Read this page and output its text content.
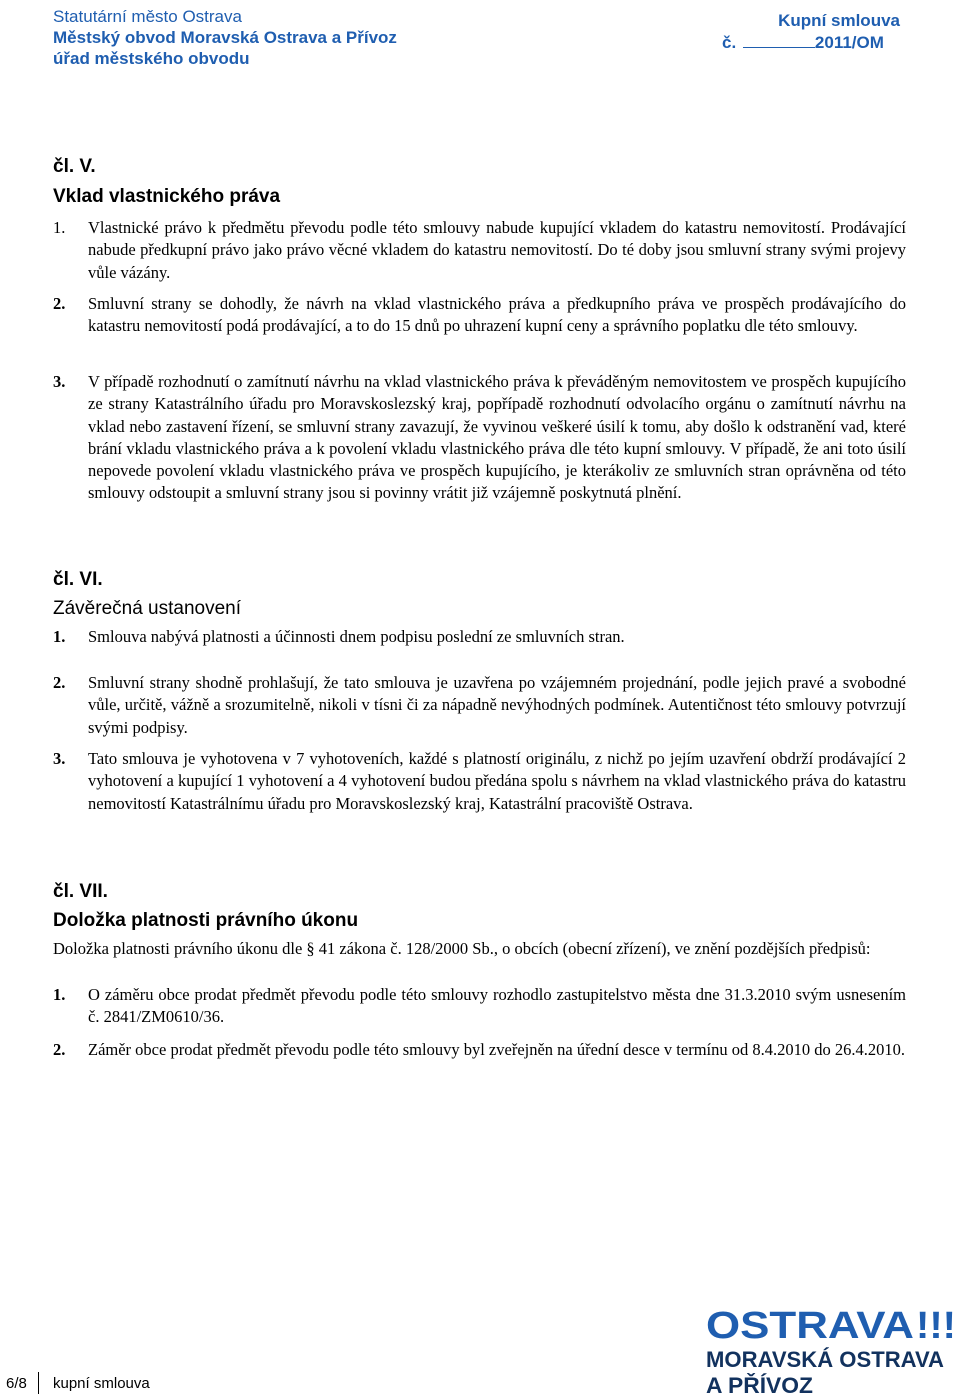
Statutární město Ostrava
Městský obvod Moravská Ostrava a Přívoz
úřad městského obvodu
Kupní smlouva
č.	2011/OM
čl. V.
Vklad vlastnického práva
1.	Vlastnické právo k předmětu převodu podle této smlouvy nabude kupující vkladem do katastru nemovitostí. Prodávající nabude předkupní právo jako právo věcné vkladem do katastru nemovitostí. Do té doby jsou smluvní strany svými projevy vůle vázány.
2.	Smluvní strany se dohodly, že návrh na vklad vlastnického práva a předkupního práva ve prospěch prodávajícího do katastru nemovitostí podá prodávající, a to do 15 dnů po uhrazení kupní ceny a správního poplatku dle této smlouvy.
3.	V případě rozhodnutí o zamítnutí návrhu na vklad vlastnického práva k převáděným nemovitostem ve prospěch kupujícího ze strany Katastrálního úřadu pro Moravskoslezský kraj, popřípadě rozhodnutí odvolacího orgánu o zamítnutí návrhu na vklad nebo zastavení řízení, se smluvní strany zavazují, že vyvinou veškeré úsilí k tomu, aby došlo k odstranění vad, které brání vkladu vlastnického práva a k povolení vkladu vlastnického práva dle této kupní smlouvy. V případě, že ani toto úsilí nepovede povolení vkladu vlastnického práva ve prospěch kupujícího, je kterákoliv ze smluvních stran oprávněna od této smlouvy odstoupit a smluvní strany jsou si povinny vrátit již vzájemně poskytnutá plnění.
čl. VI.
Závěrečná ustanovení
1.	Smlouva nabývá platnosti a účinnosti dnem podpisu poslední ze smluvních stran.
2.	Smluvní strany shodně prohlašují, že tato smlouva je uzavřena po vzájemném projednání, podle jejich pravé a svobodné vůle, určitě, vážně a srozumitelně, nikoli v tísni či za nápadně nevýhodných podmínek. Autentičnost této smlouvy potvrzují svými podpisy.
3.	Tato smlouva je vyhotovena v 7 vyhotoveních, každé s platností originálu, z nichž po jejím uzavření obdrží prodávající 2 vyhotovení a kupující 1 vyhotovení a 4 vyhotovení budou předána spolu s návrhem na vklad vlastnického práva do katastru nemovitostí Katastrálnímu úřadu pro Moravskoslezský kraj, Katastrální pracoviště Ostrava.
čl. VII.
Doložka platnosti právního úkonu
Doložka platnosti právního úkonu dle § 41 zákona č. 128/2000 Sb., o obcích (obecní zřízení), ve znění pozdějších předpisů:
1.	O záměru obce prodat předmět převodu podle této smlouvy rozhodlo zastupitelstvo města dne 31.3.2010 svým usnesením č. 2841/ZM0610/36.
2.	Záměr obce prodat předmět převodu podle této smlouvy byl zveřejněn na úřední desce v termínu od 8.4.2010 do 26.4.2010.
6/8 kupní smlouva
OSTRAVA !!!
MORAVSKÁ OSTRAVA
A PŘÍVOZ
